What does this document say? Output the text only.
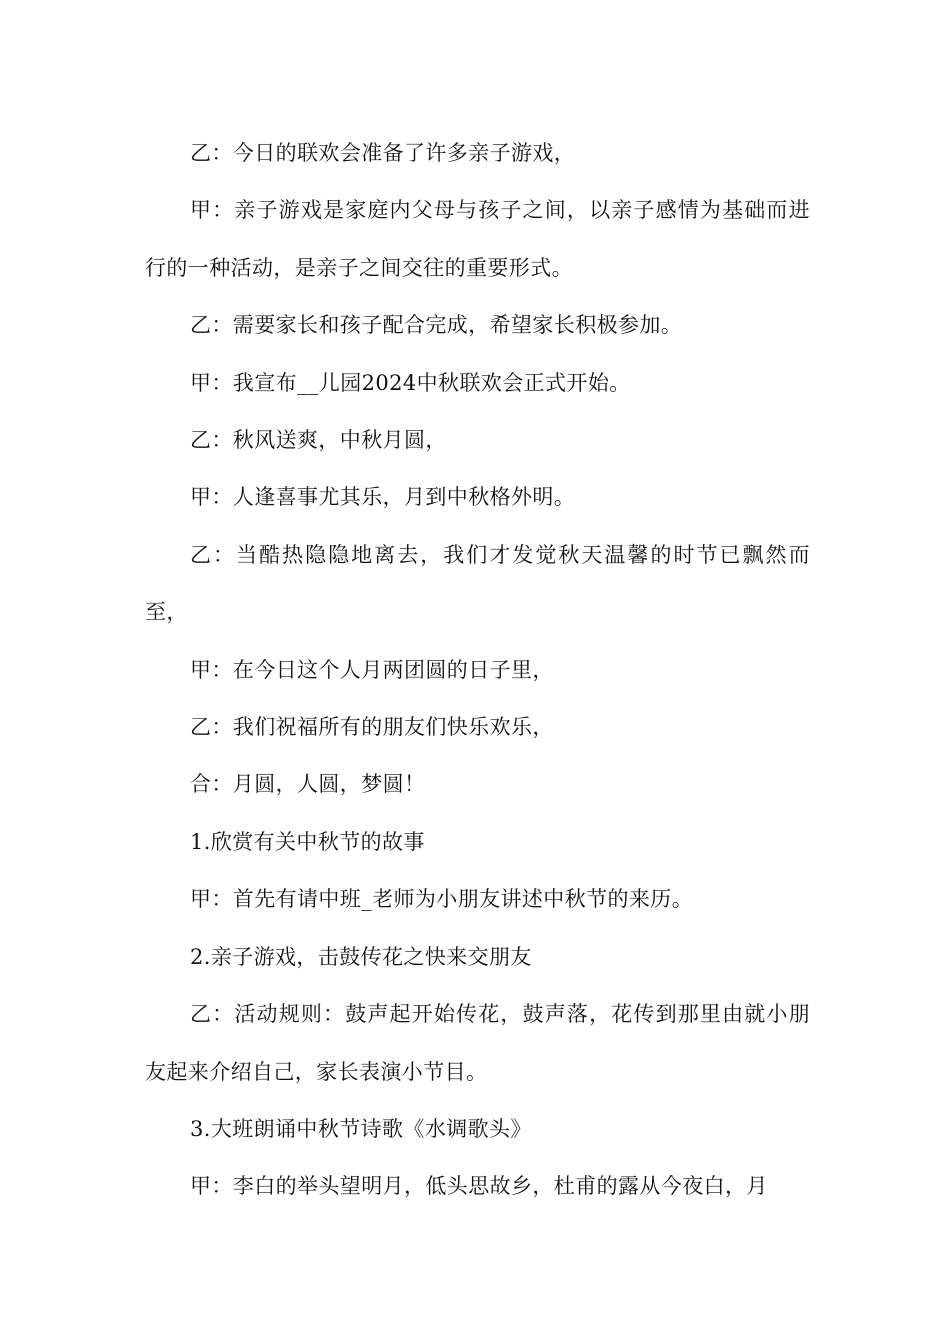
乙：今日的联欢会准备了许多亲子游戏，

甲：亲子游戏是家庭内父母与孩子之间，以亲子感情为基础而进行的一种活动，是亲子之间交往的重要形式。

乙：需要家长和孩子配合完成，希望家长积极参加。

甲：我宣布__儿园2024中秋联欢会正式开始。

乙：秋风送爽，中秋月圆，

甲：人逢喜事尤其乐，月到中秋格外明。

乙：当酷热隐隐地离去，我们才发觉秋天温馨的时节已飘然而至，

甲：在今日这个人月两团圆的日子里，

乙：我们祝福所有的朋友们快乐欢乐，

合：月圆，人圆，梦圆！

1.欣赏有关中秋节的故事

甲：首先有请中班_老师为小朋友讲述中秋节的来历。

2.亲子游戏，击鼓传花之快来交朋友

乙：活动规则：鼓声起开始传花，鼓声落，花传到那里由就小朋友起来介绍自己，家长表演小节目。

3.大班朗诵中秋节诗歌《水调歌头》

甲：李白的举头望明月，低头思故乡，杜甫的露从今夜白，月
